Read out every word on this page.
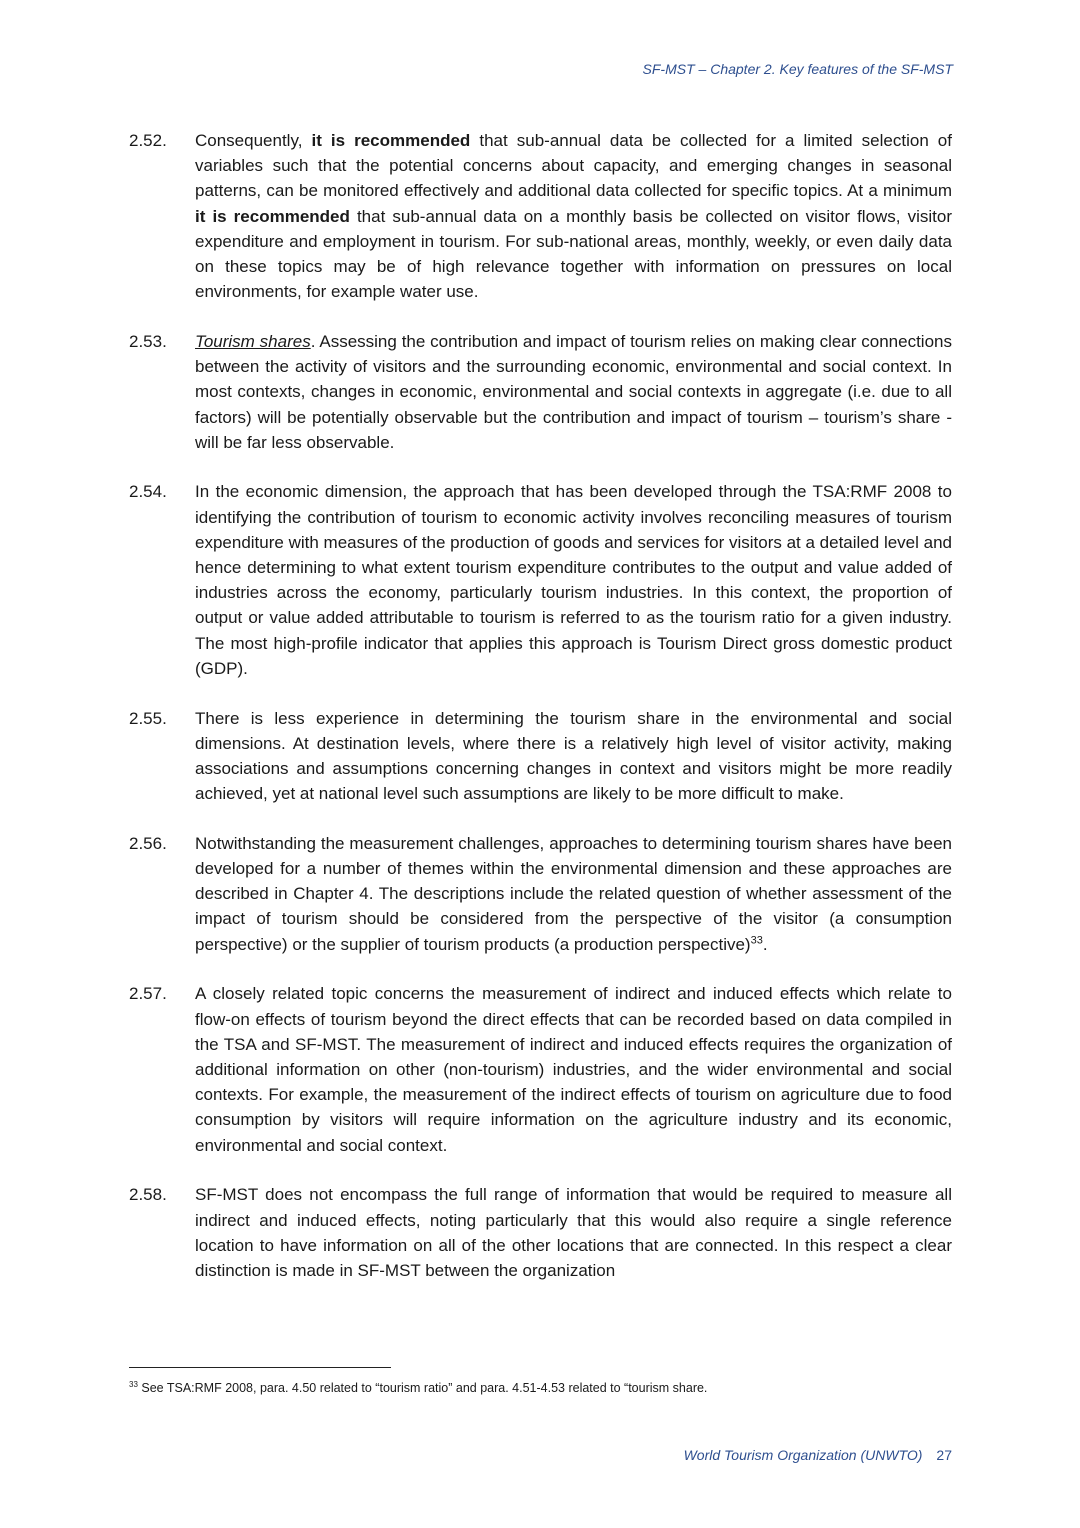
SF-MST – Chapter 2. Key features of the SF-MST
2.52.	Consequently, it is recommended that sub-annual data be collected for a limited selection of variables such that the potential concerns about capacity, and emerging changes in seasonal patterns, can be monitored effectively and additional data collected for specific topics. At a minimum it is recommended that sub-annual data on a monthly basis be collected on visitor flows, visitor expenditure and employment in tourism. For sub-national areas, monthly, weekly, or even daily data on these topics may be of high relevance together with information on pressures on local environments, for example water use.
2.53.	Tourism shares. Assessing the contribution and impact of tourism relies on making clear connections between the activity of visitors and the surrounding economic, environmental and social context. In most contexts, changes in economic, environmental and social contexts in aggregate (i.e. due to all factors) will be potentially observable but the contribution and impact of tourism – tourism’s share - will be far less observable.
2.54.	In the economic dimension, the approach that has been developed through the TSA:RMF 2008 to identifying the contribution of tourism to economic activity involves reconciling measures of tourism expenditure with measures of the production of goods and services for visitors at a detailed level and hence determining to what extent tourism expenditure contributes to the output and value added of industries across the economy, particularly tourism industries. In this context, the proportion of output or value added attributable to tourism is referred to as the tourism ratio for a given industry. The most high-profile indicator that applies this approach is Tourism Direct gross domestic product (GDP).
2.55.	There is less experience in determining the tourism share in the environmental and social dimensions. At destination levels, where there is a relatively high level of visitor activity, making associations and assumptions concerning changes in context and visitors might be more readily achieved, yet at national level such assumptions are likely to be more difficult to make.
2.56.	Notwithstanding the measurement challenges, approaches to determining tourism shares have been developed for a number of themes within the environmental dimension and these approaches are described in Chapter 4. The descriptions include the related question of whether assessment of the impact of tourism should be considered from the perspective of the visitor (a consumption perspective) or the supplier of tourism products (a production perspective)$^{33}$.
2.57.	A closely related topic concerns the measurement of indirect and induced effects which relate to flow-on effects of tourism beyond the direct effects that can be recorded based on data compiled in the TSA and SF-MST. The measurement of indirect and induced effects requires the organization of additional information on other (non-tourism) industries, and the wider environmental and social contexts. For example, the measurement of the indirect effects of tourism on agriculture due to food consumption by visitors will require information on the agriculture industry and its economic, environmental and social context.
2.58.	SF-MST does not encompass the full range of information that would be required to measure all indirect and induced effects, noting particularly that this would also require a single reference location to have information on all of the other locations that are connected. In this respect a clear distinction is made in SF-MST between the organization
$^{33}$ See TSA:RMF 2008, para. 4.50 related to “tourism ratio” and para. 4.51-4.53 related to “tourism share.
World Tourism Organization (UNWTO) 27
